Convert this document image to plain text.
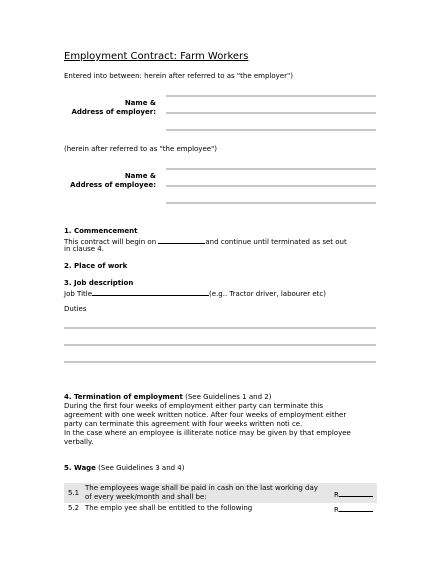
Employment Contract: Farm Workers
Entered into between: herein after referred to as "the employer")
Name &
Address of employer:
(herein after referred to as "the employee")
Name &
Address of employee:
1. Commencement
This contract will begin on	and continue until terminated as set out
in clause 4.
2. Place of work
3. Job description
Job Title	(e.g.. Tractor driver, labourer etc)
Duties
4. Termination of employment (See Guidelines 1 and 2)
During the first four weeks of employment either party can terminate this
agreement with one week written notice. After four weeks of employment either
party can terminate this agreement with four weeks written noti ce.
In the case where an employee is illiterate notice may be given by that employee
verbally.
5. Wage (See Guidelines 3 and 4)
5.1
The employees wage shall be paid in cash on the last working day
of every week/month and shall be:	R
5.2 The emplo yee shall be entitled to the following	R
